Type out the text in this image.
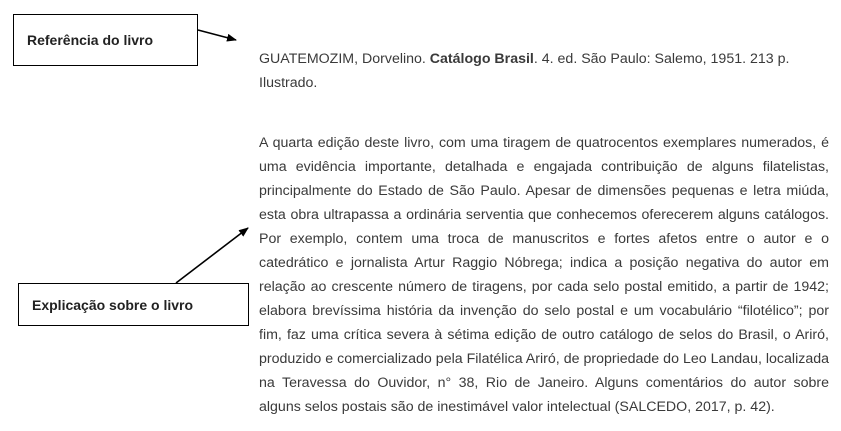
Referência do livro
Explicação sobre o livro
GUATEMOZIM, Dorvelino. Catálogo Brasil. 4. ed. São Paulo: Salemo, 1951. 213 p. Ilustrado.
A quarta edição deste livro, com uma tiragem de quatrocentos exemplares numerados, é uma evidência importante, detalhada e engajada contribuição de alguns filatelistas, principalmente do Estado de São Paulo. Apesar de dimensões pequenas e letra miúda, esta obra ultrapassa a ordinária serventia que conhecemos oferecerem alguns catálogos. Por exemplo, contem uma troca de manuscritos e fortes afetos entre o autor e o catedrático e jornalista Artur Raggio Nóbrega; indica a posição negativa do autor em relação ao crescente número de tiragens, por cada selo postal emitido, a partir de 1942; elabora brevíssima história da invenção do selo postal e um vocabulário “filotélico”; por fim, faz uma crítica severa à sétima edição de outro catálogo de selos do Brasil, o Ariró, produzido e comercializado pela Filatélica Ariró, de propriedade do Leo Landau, localizada na Teravessa do Ouvidor, n° 38, Rio de Janeiro. Alguns comentários do autor sobre alguns selos postais são de inestimável valor intelectual (SALCEDO, 2017, p. 42).
